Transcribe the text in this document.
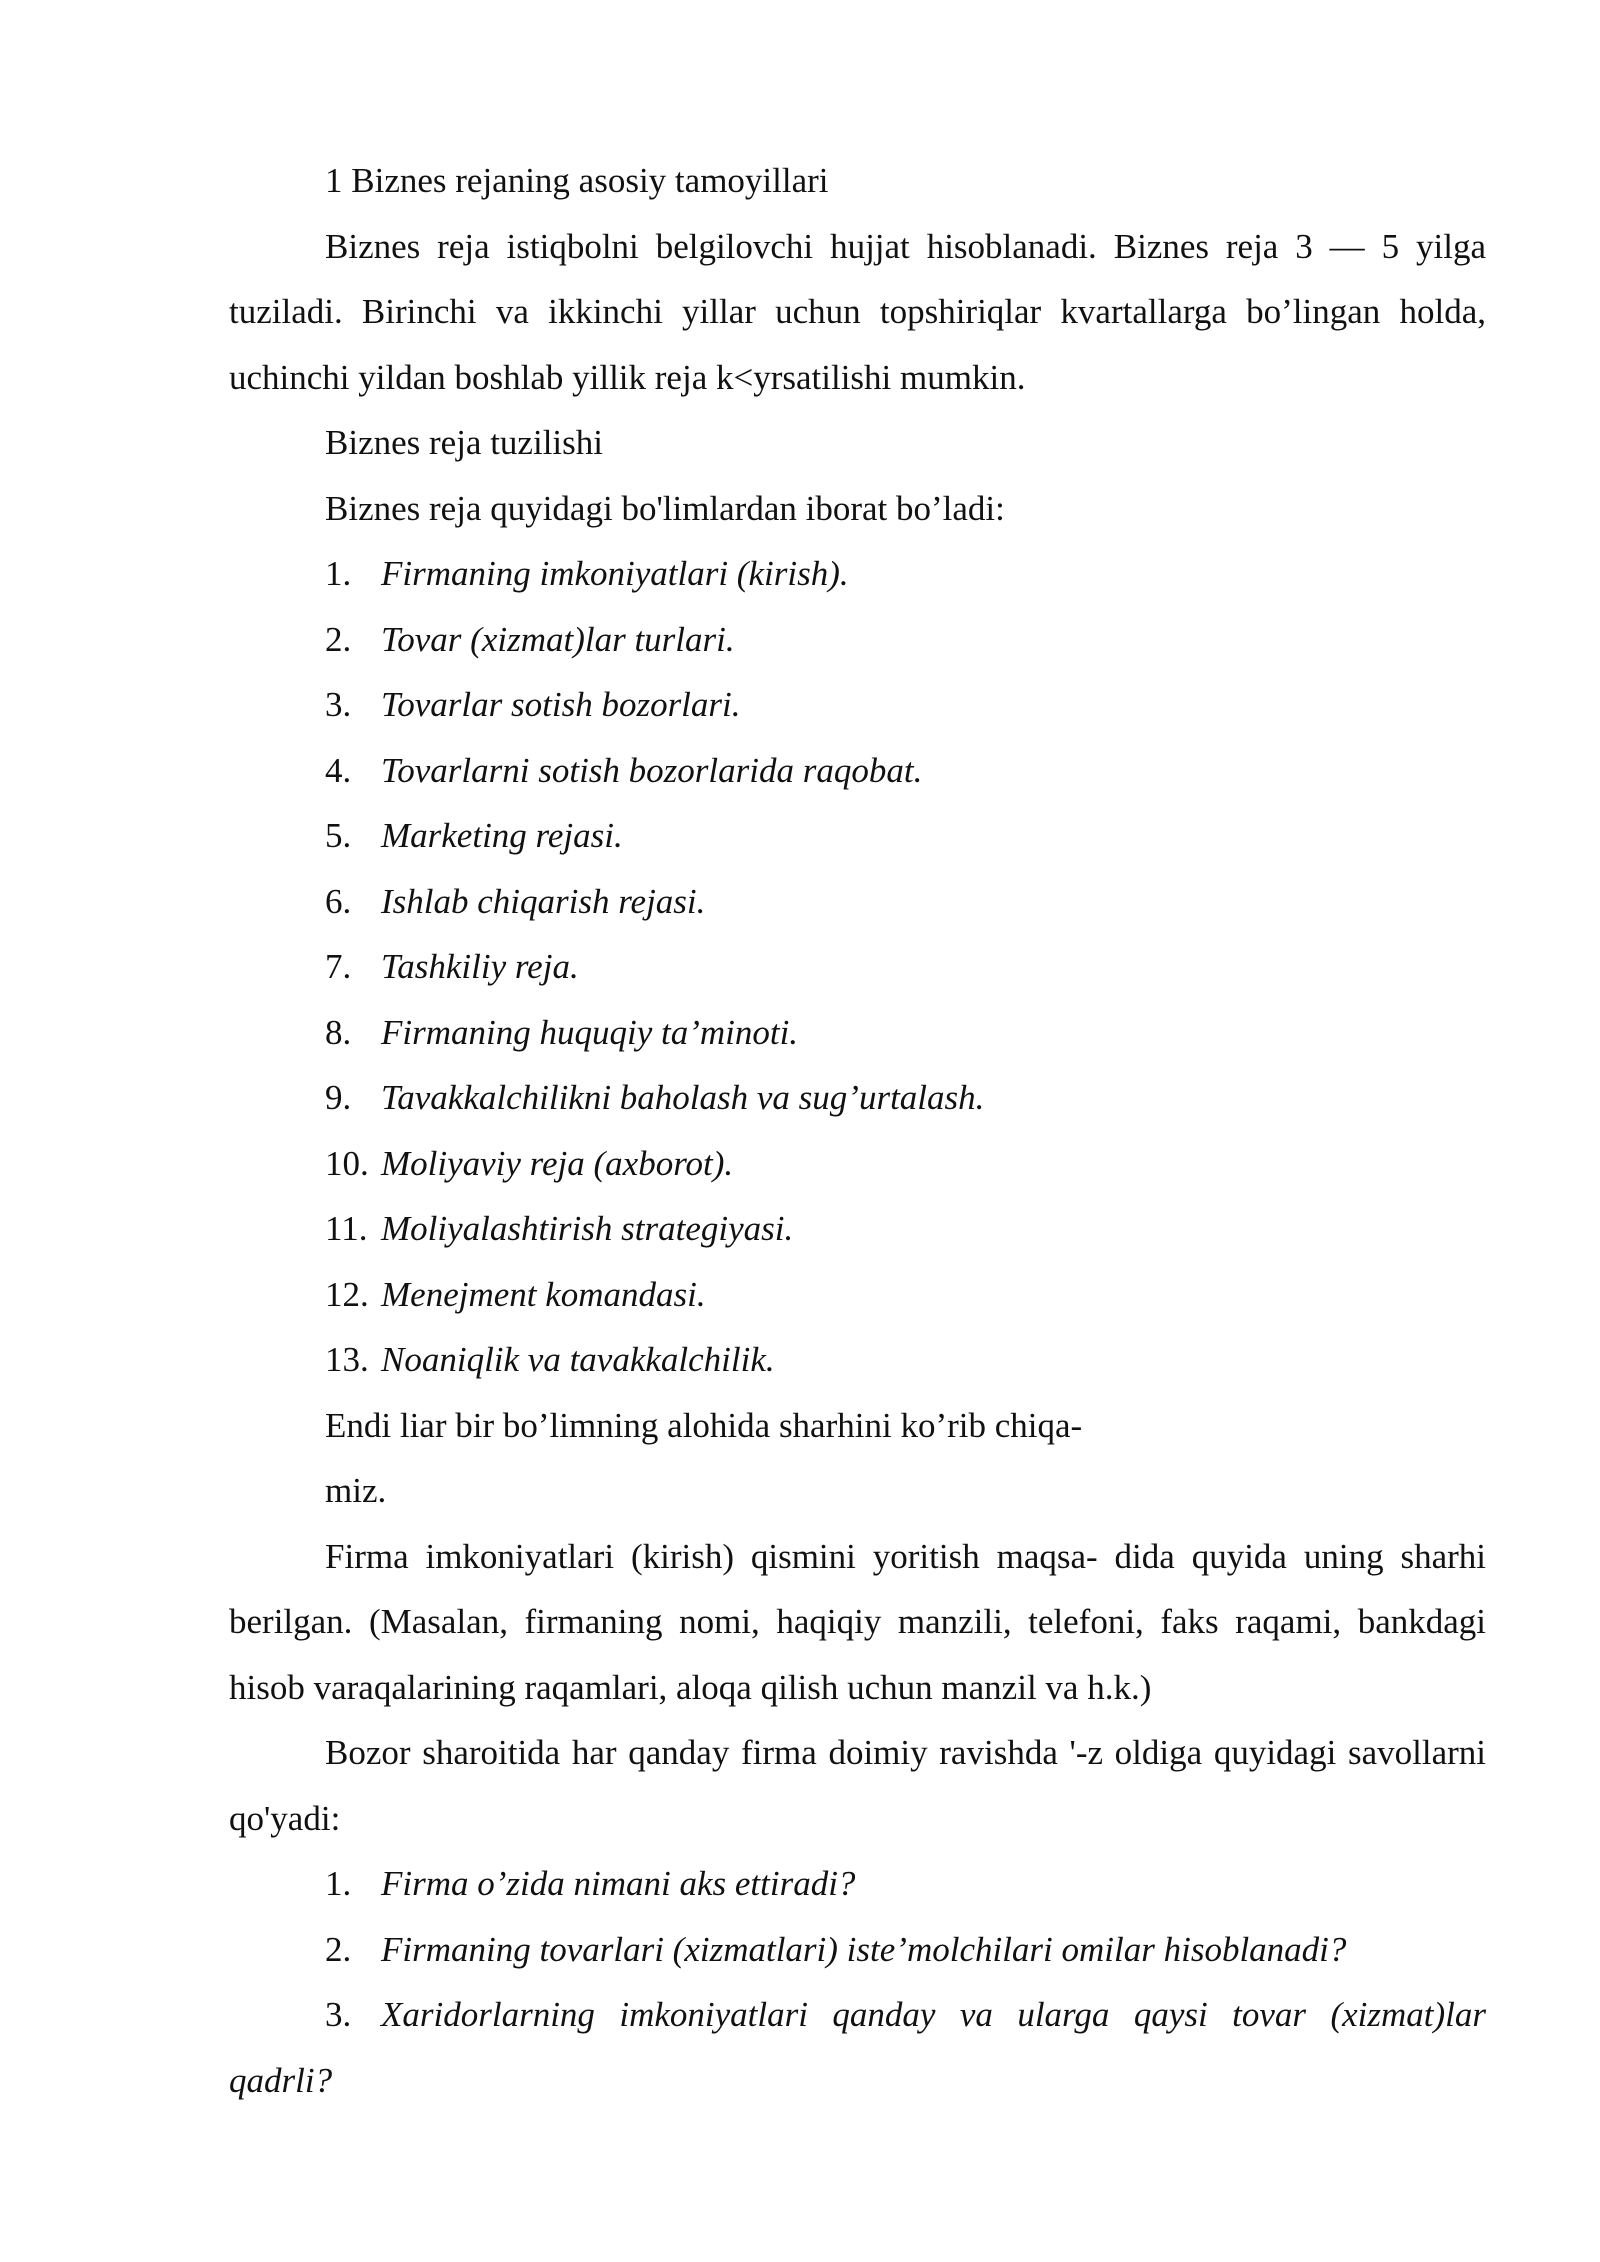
1 Biznes rejaning asosiy tamoyillari

Biznes reja istiqbolni belgilovchi hujjat hisoblanadi. Biznes reja 3 — 5 yilga tuziladi. Birinchi va ikkinchi yillar uchun topshiriqlar kvartallarga bo’lingan holda, uchinchi yildan boshlab yillik reja k<yrsatilishi mumkin.

Biznes reja tuzilishi

Biznes reja quyidagi bo'limlardan iborat bo’ladi:

1. Firmaning imkoniyatlari (kirish).

2. Tovar (xizmat)lar turlari.

3. Tovarlar sotish bozorlari.

4. Tovarlarni sotish bozorlarida raqobat.

5. Marketing rejasi.

6. Ishlab chiqarish rejasi.

7. Tashkiliy reja.

8. Firmaning huquqiy ta’minoti.

9. Tavakkalchilikni baholash va sug’urtalash.

10. Moliyaviy reja (axborot).

11. Moliyalashtirish strategiyasi.

12. Menejment komandasi.

13. Noaniqlik va tavakkalchilik.

Endi liar bir bo’limning alohida sharhini ko’rib chiqa-

miz.

Firma imkoniyatlari (kirish) qismini yoritish maqsa- dida quyida uning sharhi berilgan. (Masalan, firmaning nomi, haqiqiy manzili, telefoni, faks raqami, bankdagi hisob varaqalarining raqamlari, aloqa qilish uchun manzil va h.k.)

Bozor sharoitida har qanday firma doimiy ravishda '-z oldiga quyidagi savollarni qo'yadi:

1. Firma o’zida nimani aks ettiradi?

2. Firmaning tovarlari (xizmatlari) iste’molchilari omilar hisoblanadi?

3. Xaridorlarning imkoniyatlari qanday va ularga qaysi tovar (xizmat)lar qadrli?
